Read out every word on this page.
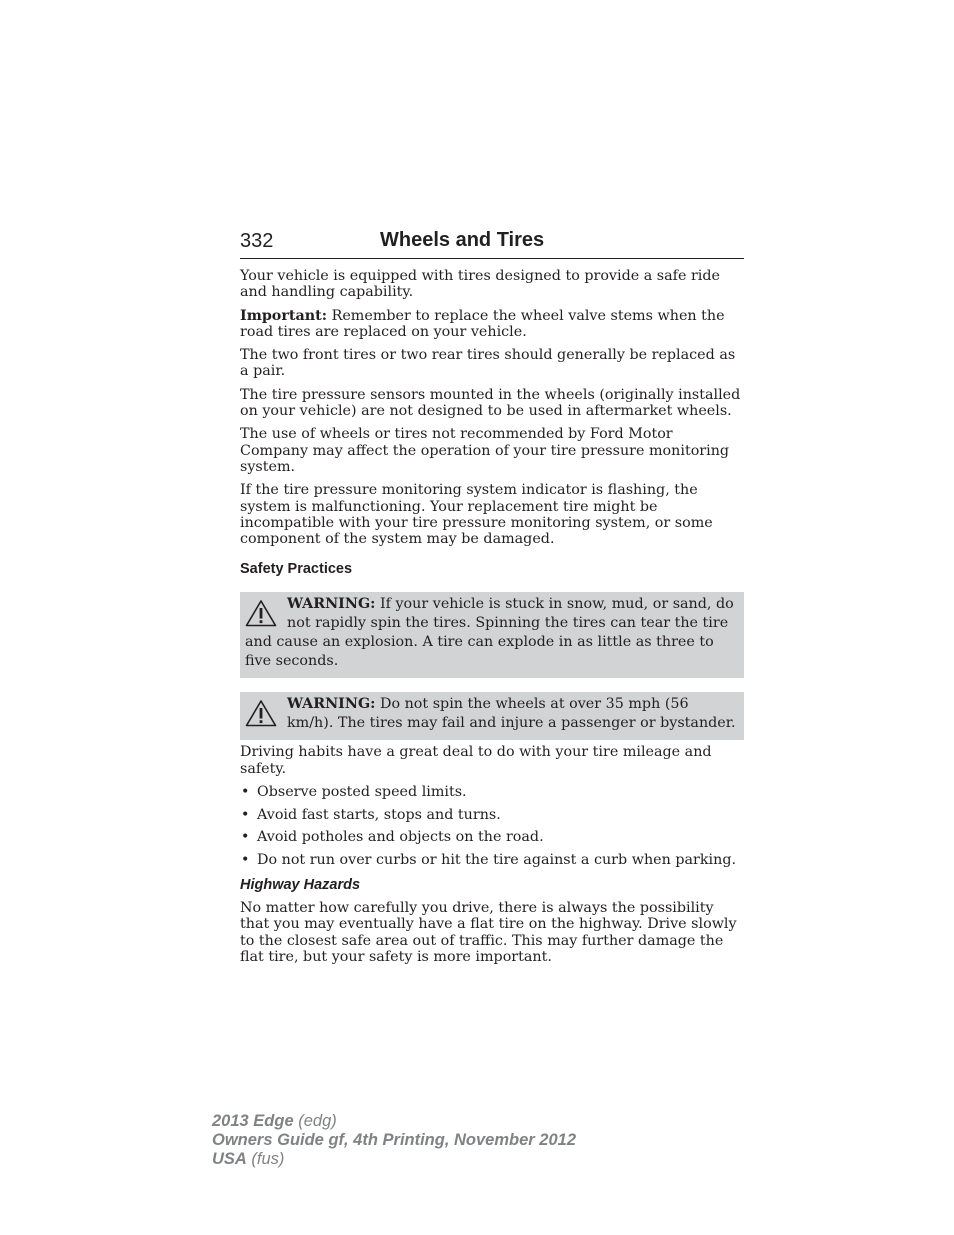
332	Wheels and Tires

Your vehicle is equipped with tires designed to provide a safe ride and handling capability.

Important: Remember to replace the wheel valve stems when the road tires are replaced on your vehicle.

The two front tires or two rear tires should generally be replaced as a pair.

The tire pressure sensors mounted in the wheels (originally installed on your vehicle) are not designed to be used in aftermarket wheels.

The use of wheels or tires not recommended by Ford Motor Company may affect the operation of your tire pressure monitoring system.

If the tire pressure monitoring system indicator is flashing, the system is malfunctioning. Your replacement tire might be incompatible with your tire pressure monitoring system, or some component of the system may be damaged.

Safety Practices
WARNING: If your vehicle is stuck in snow, mud, or sand, do not rapidly spin the tires. Spinning the tires can tear the tire and cause an explosion. A tire can explode in as little as three to five seconds.
WARNING: Do not spin the wheels at over 35 mph (56 km/h). The tires may fail and injure a passenger or bystander.

Driving habits have a great deal to do with your tire mileage and safety.

• Observe posted speed limits.
• Avoid fast starts, stops and turns.
• Avoid potholes and objects on the road.
• Do not run over curbs or hit the tire against a curb when parking.
Highway Hazards

No matter how carefully you drive, there is always the possibility that you may eventually have a flat tire on the highway. Drive slowly to the closest safe area out of traffic. This may further damage the flat tire, but your safety is more important.

2013 Edge (edg)
Owners Guide gf, 4th Printing, November 2012
USA (fus)
